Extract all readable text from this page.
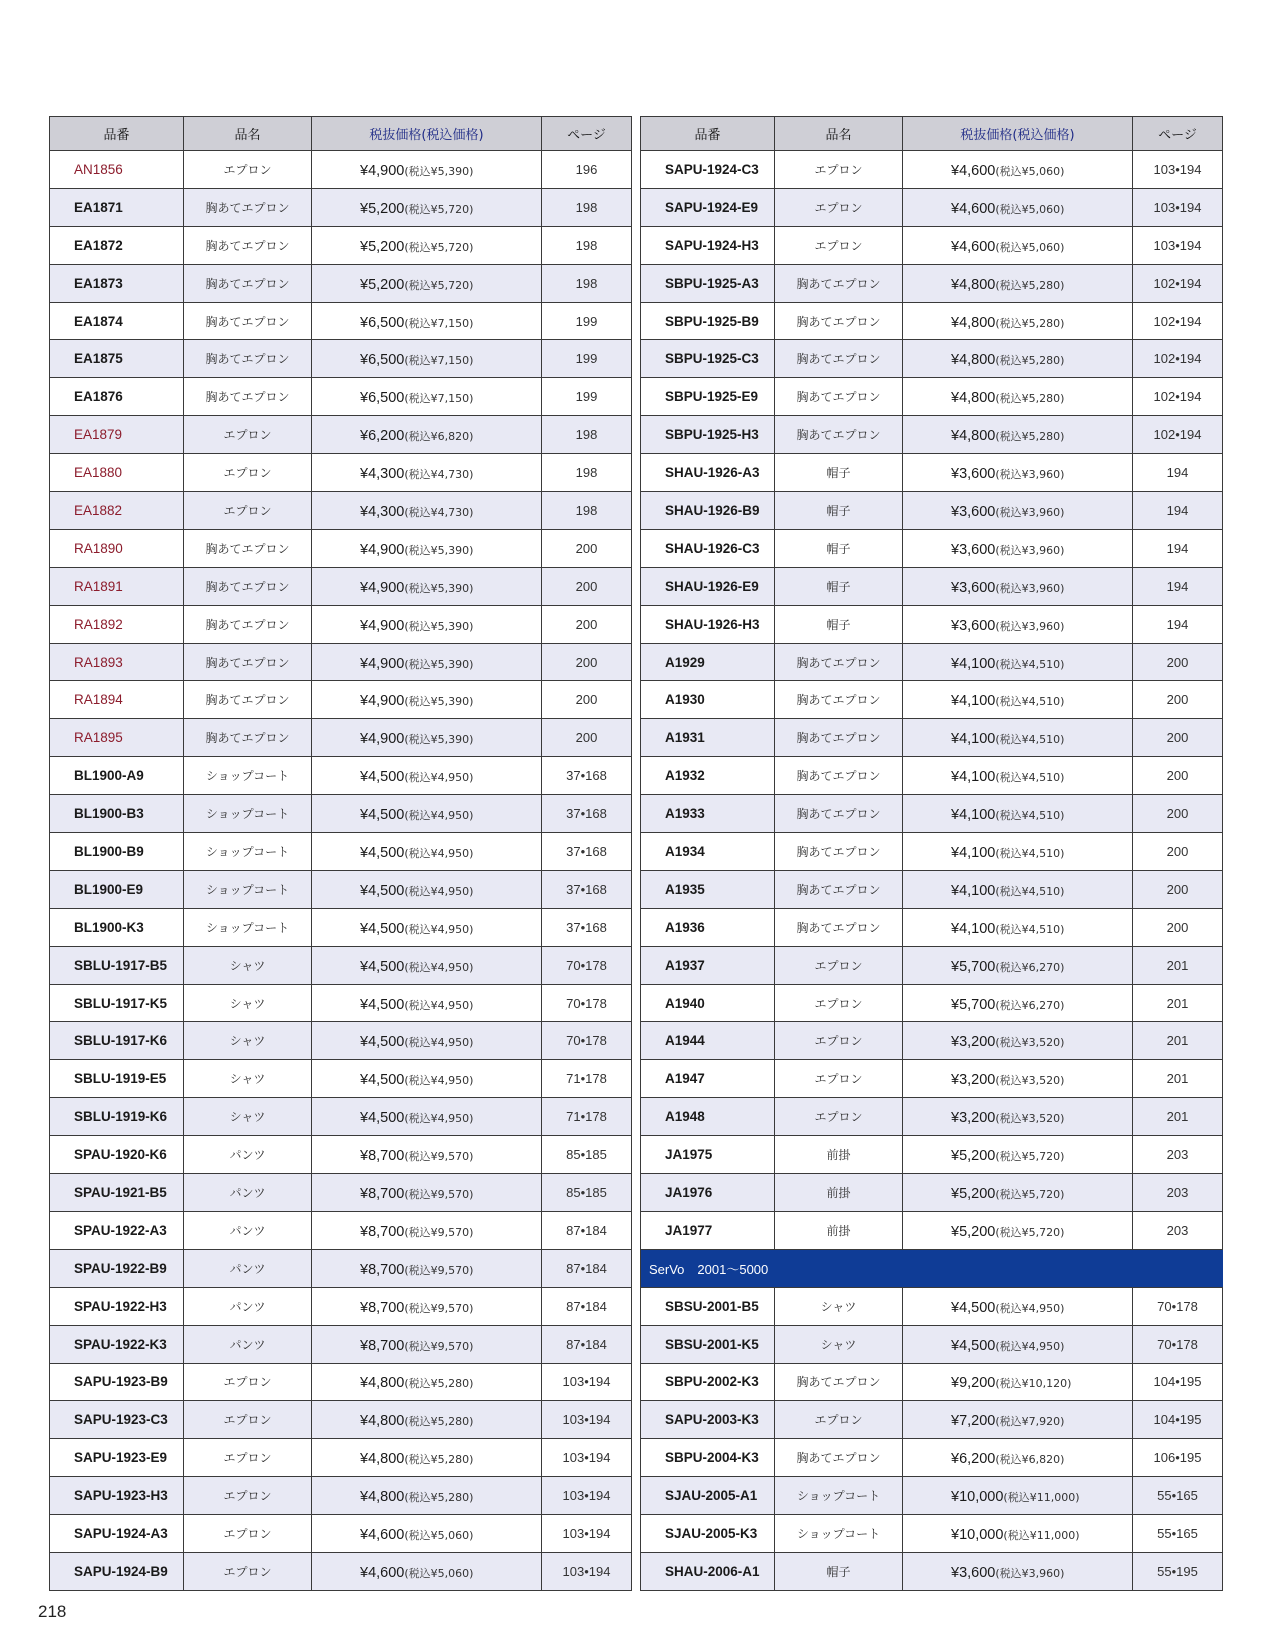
品番	品名	税抜価格(税込価格)	ページ
AN1856	エプロン	¥4,900(税込¥5,390)	196
EA1871	胸あてエプロン	¥5,200(税込¥5,720)	198
EA1872	胸あてエプロン	¥5,200(税込¥5,720)	198
EA1873	胸あてエプロン	¥5,200(税込¥5,720)	198
EA1874	胸あてエプロン	¥6,500(税込¥7,150)	199
EA1875	胸あてエプロン	¥6,500(税込¥7,150)	199
EA1876	胸あてエプロン	¥6,500(税込¥7,150)	199
EA1879	エプロン	¥6,200(税込¥6,820)	198
EA1880	エプロン	¥4,300(税込¥4,730)	198
EA1882	エプロン	¥4,300(税込¥4,730)	198
RA1890	胸あてエプロン	¥4,900(税込¥5,390)	200
RA1891	胸あてエプロン	¥4,900(税込¥5,390)	200
RA1892	胸あてエプロン	¥4,900(税込¥5,390)	200
RA1893	胸あてエプロン	¥4,900(税込¥5,390)	200
RA1894	胸あてエプロン	¥4,900(税込¥5,390)	200
RA1895	胸あてエプロン	¥4,900(税込¥5,390)	200
BL1900-A9	ショップコート	¥4,500(税込¥4,950)	37•168
BL1900-B3	ショップコート	¥4,500(税込¥4,950)	37•168
BL1900-B9	ショップコート	¥4,500(税込¥4,950)	37•168
BL1900-E9	ショップコート	¥4,500(税込¥4,950)	37•168
BL1900-K3	ショップコート	¥4,500(税込¥4,950)	37•168
SBLU-1917-B5	シャツ	¥4,500(税込¥4,950)	70•178
SBLU-1917-K5	シャツ	¥4,500(税込¥4,950)	70•178
SBLU-1917-K6	シャツ	¥4,500(税込¥4,950)	70•178
SBLU-1919-E5	シャツ	¥4,500(税込¥4,950)	71•178
SBLU-1919-K6	シャツ	¥4,500(税込¥4,950)	71•178
SPAU-1920-K6	パンツ	¥8,700(税込¥9,570)	85•185
SPAU-1921-B5	パンツ	¥8,700(税込¥9,570)	85•185
SPAU-1922-A3	パンツ	¥8,700(税込¥9,570)	87•184
SPAU-1922-B9	パンツ	¥8,700(税込¥9,570)	87•184
SPAU-1922-H3	パンツ	¥8,700(税込¥9,570)	87•184
SPAU-1922-K3	パンツ	¥8,700(税込¥9,570)	87•184
SAPU-1923-B9	エプロン	¥4,800(税込¥5,280)	103•194
SAPU-1923-C3	エプロン	¥4,800(税込¥5,280)	103•194
SAPU-1923-E9	エプロン	¥4,800(税込¥5,280)	103•194
SAPU-1923-H3	エプロン	¥4,800(税込¥5,280)	103•194
SAPU-1924-A3	エプロン	¥4,600(税込¥5,060)	103•194
SAPU-1924-B9	エプロン	¥4,600(税込¥5,060)	103•194
品番	品名	税抜価格(税込価格)	ページ
SAPU-1924-C3	エプロン	¥4,600(税込¥5,060)	103•194
SAPU-1924-E9	エプロン	¥4,600(税込¥5,060)	103•194
SAPU-1924-H3	エプロン	¥4,600(税込¥5,060)	103•194
SBPU-1925-A3	胸あてエプロン	¥4,800(税込¥5,280)	102•194
SBPU-1925-B9	胸あてエプロン	¥4,800(税込¥5,280)	102•194
SBPU-1925-C3	胸あてエプロン	¥4,800(税込¥5,280)	102•194
SBPU-1925-E9	胸あてエプロン	¥4,800(税込¥5,280)	102•194
SBPU-1925-H3	胸あてエプロン	¥4,800(税込¥5,280)	102•194
SHAU-1926-A3	帽子	¥3,600(税込¥3,960)	194
SHAU-1926-B9	帽子	¥3,600(税込¥3,960)	194
SHAU-1926-C3	帽子	¥3,600(税込¥3,960)	194
SHAU-1926-E9	帽子	¥3,600(税込¥3,960)	194
SHAU-1926-H3	帽子	¥3,600(税込¥3,960)	194
A1929	胸あてエプロン	¥4,100(税込¥4,510)	200
A1930	胸あてエプロン	¥4,100(税込¥4,510)	200
A1931	胸あてエプロン	¥4,100(税込¥4,510)	200
A1932	胸あてエプロン	¥4,100(税込¥4,510)	200
A1933	胸あてエプロン	¥4,100(税込¥4,510)	200
A1934	胸あてエプロン	¥4,100(税込¥4,510)	200
A1935	胸あてエプロン	¥4,100(税込¥4,510)	200
A1936	胸あてエプロン	¥4,100(税込¥4,510)	200
A1937	エプロン	¥5,700(税込¥6,270)	201
A1940	エプロン	¥5,700(税込¥6,270)	201
A1944	エプロン	¥3,200(税込¥3,520)	201
A1947	エプロン	¥3,200(税込¥3,520)	201
A1948	エプロン	¥3,200(税込¥3,520)	201
JA1975	前掛	¥5,200(税込¥5,720)	203
JA1976	前掛	¥5,200(税込¥5,720)	203
JA1977	前掛	¥5,200(税込¥5,720)	203
SerVo　2001～5000			
SBSU-2001-B5	シャツ	¥4,500(税込¥4,950)	70•178
SBSU-2001-K5	シャツ	¥4,500(税込¥4,950)	70•178
SBPU-2002-K3	胸あてエプロン	¥9,200(税込¥10,120)	104•195
SAPU-2003-K3	エプロン	¥7,200(税込¥7,920)	104•195
SBPU-2004-K3	胸あてエプロン	¥6,200(税込¥6,820)	106•195
SJAU-2005-A1	ショップコート	¥10,000(税込¥11,000)	55•165
SJAU-2005-K3	ショップコート	¥10,000(税込¥11,000)	55•165
SHAU-2006-A1	帽子	¥3,600(税込¥3,960)	55•195
218
